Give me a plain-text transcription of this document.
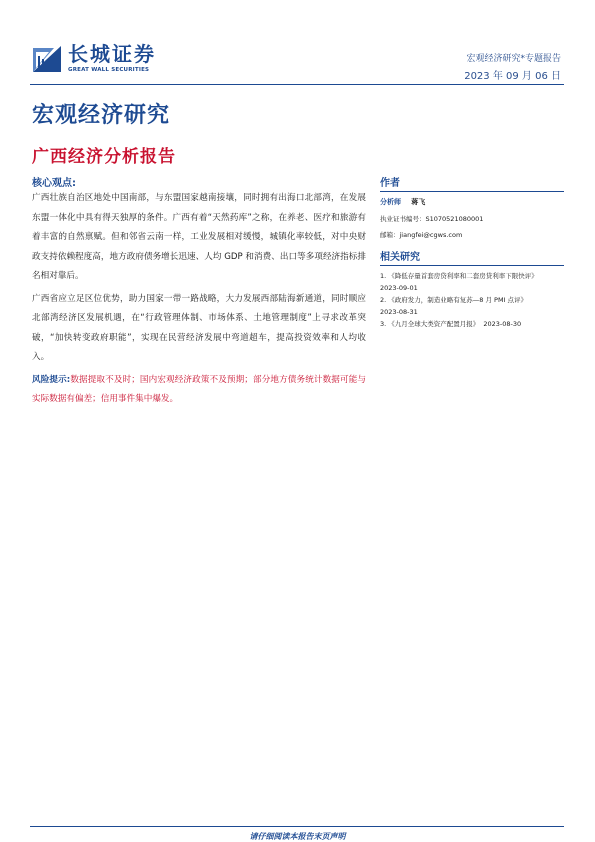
长城证券
GREAT WALL SECURITIES
宏观经济研究*专题报告
2023 年 09 月 06 日
宏观经济研究
广西经济分析报告
核心观点:

广西壮族自治区地处中国南部，与东盟国家越南接壤，同时拥有出海口北部湾，在发展东盟一体化中具有得天独厚的条件。广西有着“天然药库”之称，在养老、医疗和旅游有着丰富的自然禀赋。但和邻省云南一样，工业发展相对缓慢，城镇化率较低，对中央财政支持依赖程度高，地方政府债务增长迅速、人均 GDP 和消费、出口等多项经济指标排名相对靠后。

广西省应立足区位优势，助力国家一带一路战略，大力发展西部陆海新通道，同时顺应北部湾经济区发展机遇，在“行政管理体制、市场体系、土地管理制度”上寻求改革突破，“加快转变政府职能”，实现在民营经济发展中弯道超车，提高投资效率和人均收入。

风险提示:数据提取不及时；国内宏观经济政策不及预期；部分地方债务统计数据可能与实际数据有偏差；信用事件集中爆发。

作者
分析师 蒋飞
执业证书编号：S1070521080001
邮箱：jiangfei@cgws.com
相关研究
1. 《降低存量首套房贷利率和二套房贷利率下限快评》
2023-09-01
2. 《政府发力，制造业略有复苏—8 月 PMI 点评》
2023-08-31
3. 《九月全球大类资产配置月报》 2023-08-30
请仔细阅读本报告末页声明
